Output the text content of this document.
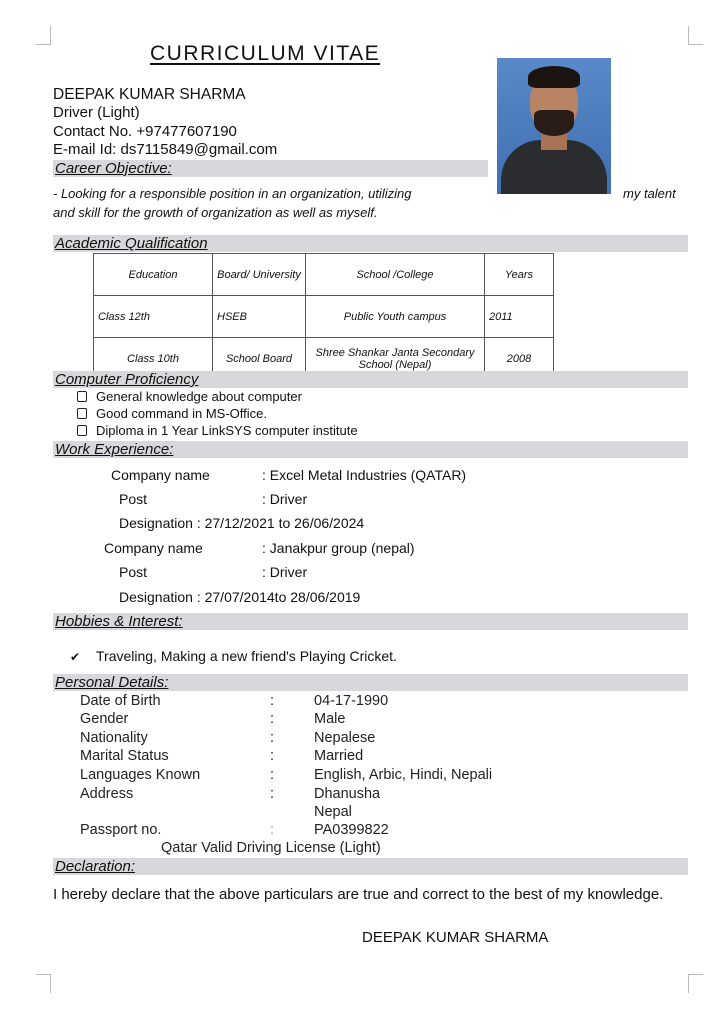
CURRICULUM VITAE
DEEPAK KUMAR SHARMA
Driver (Light)
Contact No. +97477607190
E-mail Id: ds7115849@gmail.com
Career Objective:
- Looking for a responsible position in an organization, utilizing	my talent
and skill for the growth of organization as well as myself.
Academic Qualification
Education	Board/ University	School /College	Years
Class 12th	HSEB	Public Youth campus	2011
Class 10th	School Board	Shree Shankar Janta Secondary School (Nepal)	2008
Computer Proficiency
General knowledge about computer
Good command in MS-Office.
Diploma in 1 Year LinkSYS computer institute
Work Experience:
Company name	: Excel Metal Industries (QATAR)
Post	: Driver
Designation : 27/12/2021 to 26/06/2024
Company name	: Janakpur group (nepal)
Post	: Driver
Designation : 27/07/2014to 28/06/2019
Hobbies & Interest:
✔ Traveling, Making a new friend's Playing Cricket.
Personal Details:
Date of Birth	:	04-17-1990
Gender	:	Male
Nationality	:	Nepalese
Marital Status	:	Married
Languages Known	:	English, Arbic, Hindi, Nepali
Address	:	Dhanusha
Nepal
Passport no.	:	PA0399822
Qatar Valid Driving License (Light)
Declaration:
I hereby declare that the above particulars are true and correct to the best of my knowledge.
DEEPAK KUMAR SHARMA
